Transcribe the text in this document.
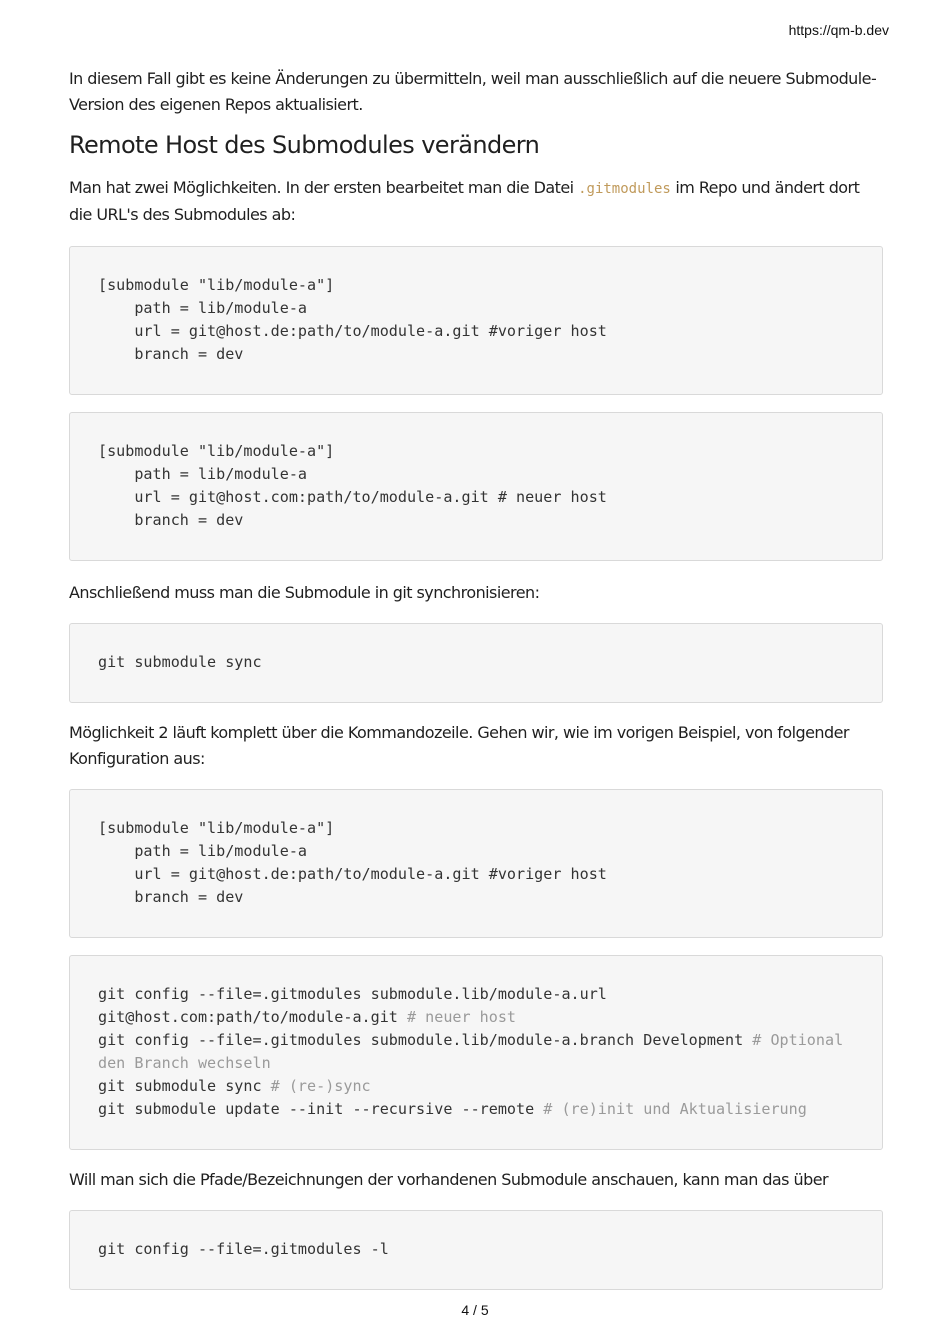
https://qm-b.dev

In diesem Fall gibt es keine Änderungen zu übermitteln, weil man ausschließlich auf die neuere Submodule-
Version des eigenen Repos aktualisiert.

Remote Host des Submodules verändern

Man hat zwei Möglichkeiten. In der ersten bearbeitet man die Datei .gitmodules im Repo und ändert dort
die URL's des Submodules ab:

[submodule "lib/module-a"]
path = lib/module-a
url = git@host.de:path/to/module-a.git #voriger host
branch = dev
[submodule "lib/module-a"]
path = lib/module-a
url = git@host.com:path/to/module-a.git # neuer host
branch = dev

Anschließend muss man die Submodule in git synchronisieren:

git submodule sync

Möglichkeit 2 läuft komplett über die Kommandozeile. Gehen wir, wie im vorigen Beispiel, von folgender
Konfiguration aus:

[submodule "lib/module-a"]
path = lib/module-a
url = git@host.de:path/to/module-a.git #voriger host
branch = dev
git config --file=.gitmodules submodule.lib/module-a.url
git@host.com:path/to/module-a.git # neuer host
git config --file=.gitmodules submodule.lib/module-a.branch Development # Optional
den Branch wechseln
git submodule sync # (re-)sync
git submodule update --init --recursive --remote # (re)init und Aktualisierung

Will man sich die Pfade/Bezeichnungen der vorhandenen Submodule anschauen, kann man das über

git config --file=.gitmodules -l
4 / 5
